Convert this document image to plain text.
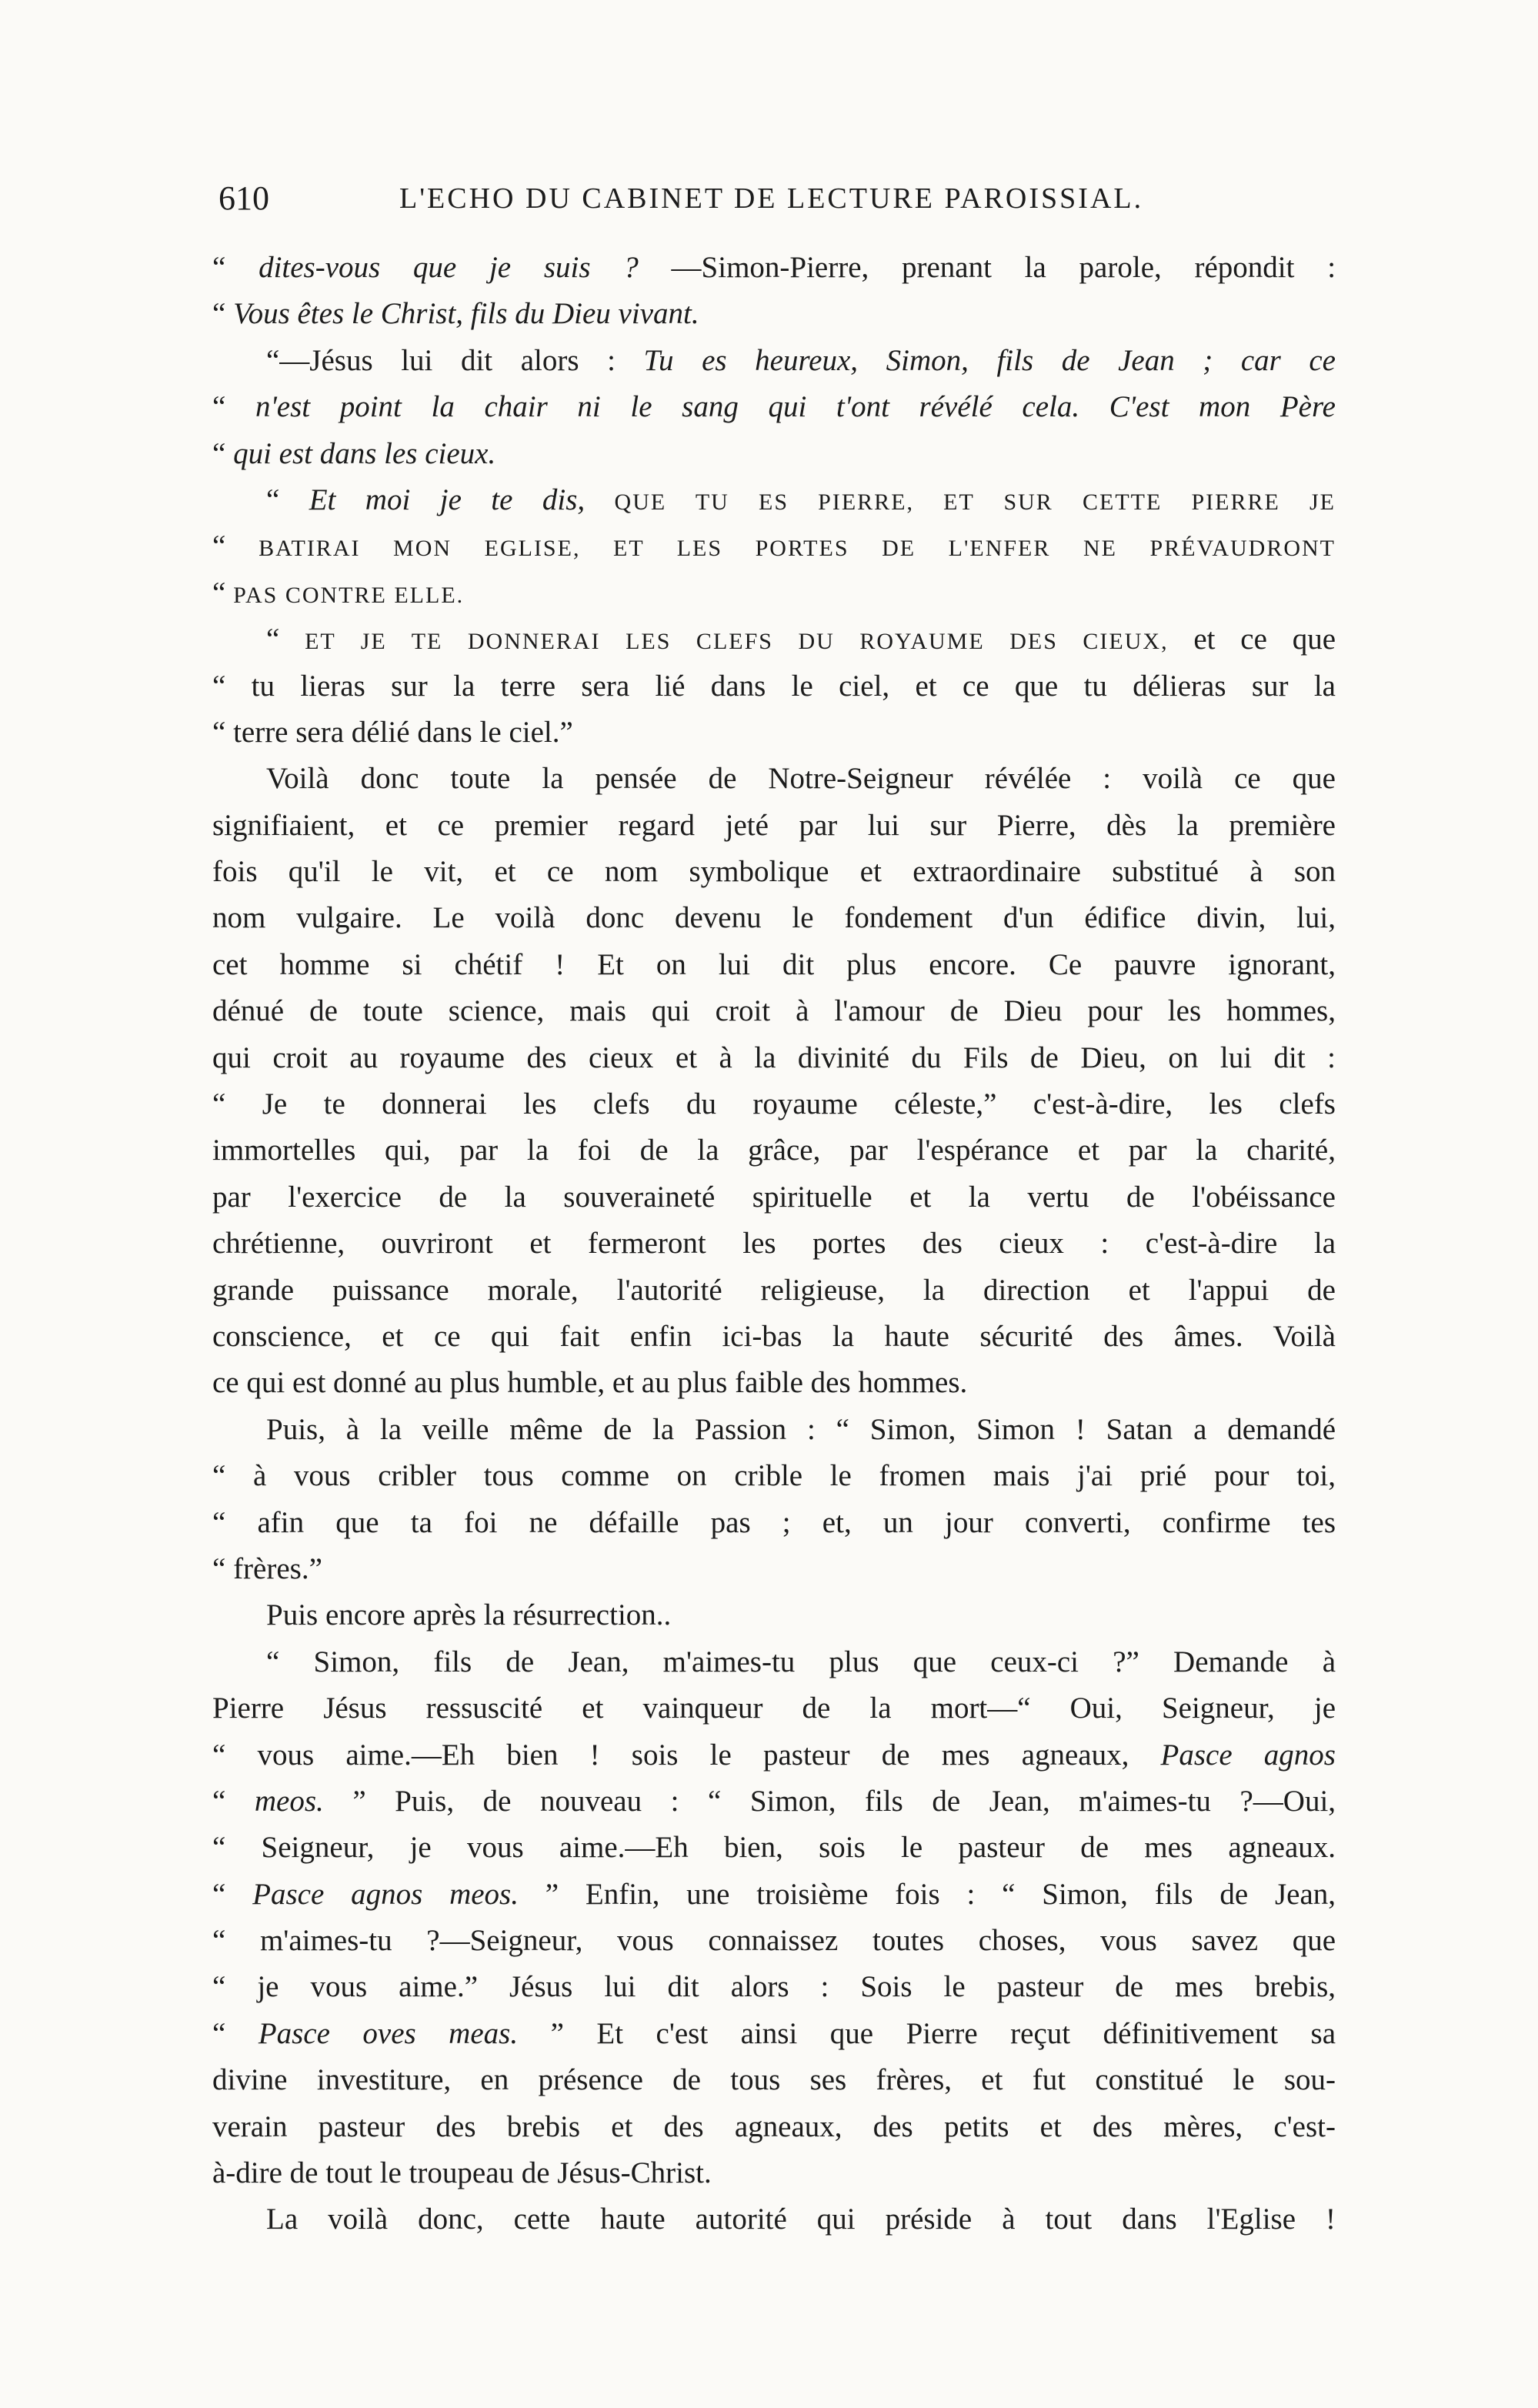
610	L'ECHO DU CABINET DE LECTURE PAROISSIAL.
“ dites-vous que je suis ? —Simon-Pierre, prenant la parole, répondit :
“ Vous êtes le Christ, fils du Dieu vivant.
“—Jésus lui dit alors : Tu es heureux, Simon, fils de Jean ; car ce
“ n'est point la chair ni le sang qui t'ont révélé cela. C'est mon Père
“ qui est dans les cieux.
“ Et moi je te dis, QUE TU ES PIERRE, ET SUR CETTE PIERRE JE
“ BATIRAI MON EGLISE, ET LES PORTES DE L'ENFER NE PRÉVAUDRONT
“ PAS CONTRE ELLE.
“ ET JE TE DONNERAI LES CLEFS DU ROYAUME DES CIEUX, et ce que
“ tu lieras sur la terre sera lié dans le ciel, et ce que tu délieras sur la
“ terre sera délié dans le ciel.”
Voilà donc toute la pensée de Notre-Seigneur révélée : voilà ce que
signifiaient, et ce premier regard jeté par lui sur Pierre, dès la première
fois qu'il le vit, et ce nom symbolique et extraordinaire substitué à son
nom vulgaire. Le voilà donc devenu le fondement d'un édifice divin, lui,
cet homme si chétif ! Et on lui dit plus encore. Ce pauvre ignorant,
dénué de toute science, mais qui croit à l'amour de Dieu pour les hommes,
qui croit au royaume des cieux et à la divinité du Fils de Dieu, on lui dit :
“ Je te donnerai les clefs du royaume céleste,” c'est-à-dire, les clefs
immortelles qui, par la foi de la grâce, par l'espérance et par la charité,
par l'exercice de la souveraineté spirituelle et la vertu de l'obéissance
chrétienne, ouvriront et fermeront les portes des cieux : c'est-à-dire la
grande puissance morale, l'autorité religieuse, la direction et l'appui de
conscience, et ce qui fait enfin ici-bas la haute sécurité des âmes. Voilà
ce qui est donné au plus humble, et au plus faible des hommes.
Puis, à la veille même de la Passion : “ Simon, Simon ! Satan a demandé
“ à vous cribler tous comme on crible le fromen mais j'ai prié pour toi,
“ afin que ta foi ne défaille pas ; et, un jour converti, confirme tes
“ frères.”
Puis encore après la résurrection..
“ Simon, fils de Jean, m'aimes-tu plus que ceux-ci ?” Demande à
Pierre Jésus ressuscité et vainqueur de la mort—“ Oui, Seigneur, je
“ vous aime.—Eh bien ! sois le pasteur de mes agneaux, Pasce agnos
“ meos. ” Puis, de nouveau : “ Simon, fils de Jean, m'aimes-tu ?—Oui,
“ Seigneur, je vous aime.—Eh bien, sois le pasteur de mes agneaux.
“ Pasce agnos meos. ” Enfin, une troisième fois : “ Simon, fils de Jean,
“ m'aimes-tu ?—Seigneur, vous connaissez toutes choses, vous savez que
“ je vous aime.” Jésus lui dit alors : Sois le pasteur de mes brebis,
“ Pasce oves meas. ” Et c'est ainsi que Pierre reçut définitivement sa
divine investiture, en présence de tous ses frères, et fut constitué le sou-
verain pasteur des brebis et des agneaux, des petits et des mères, c'est-
à-dire de tout le troupeau de Jésus-Christ.
La voilà donc, cette haute autorité qui préside à tout dans l'Eglise !
